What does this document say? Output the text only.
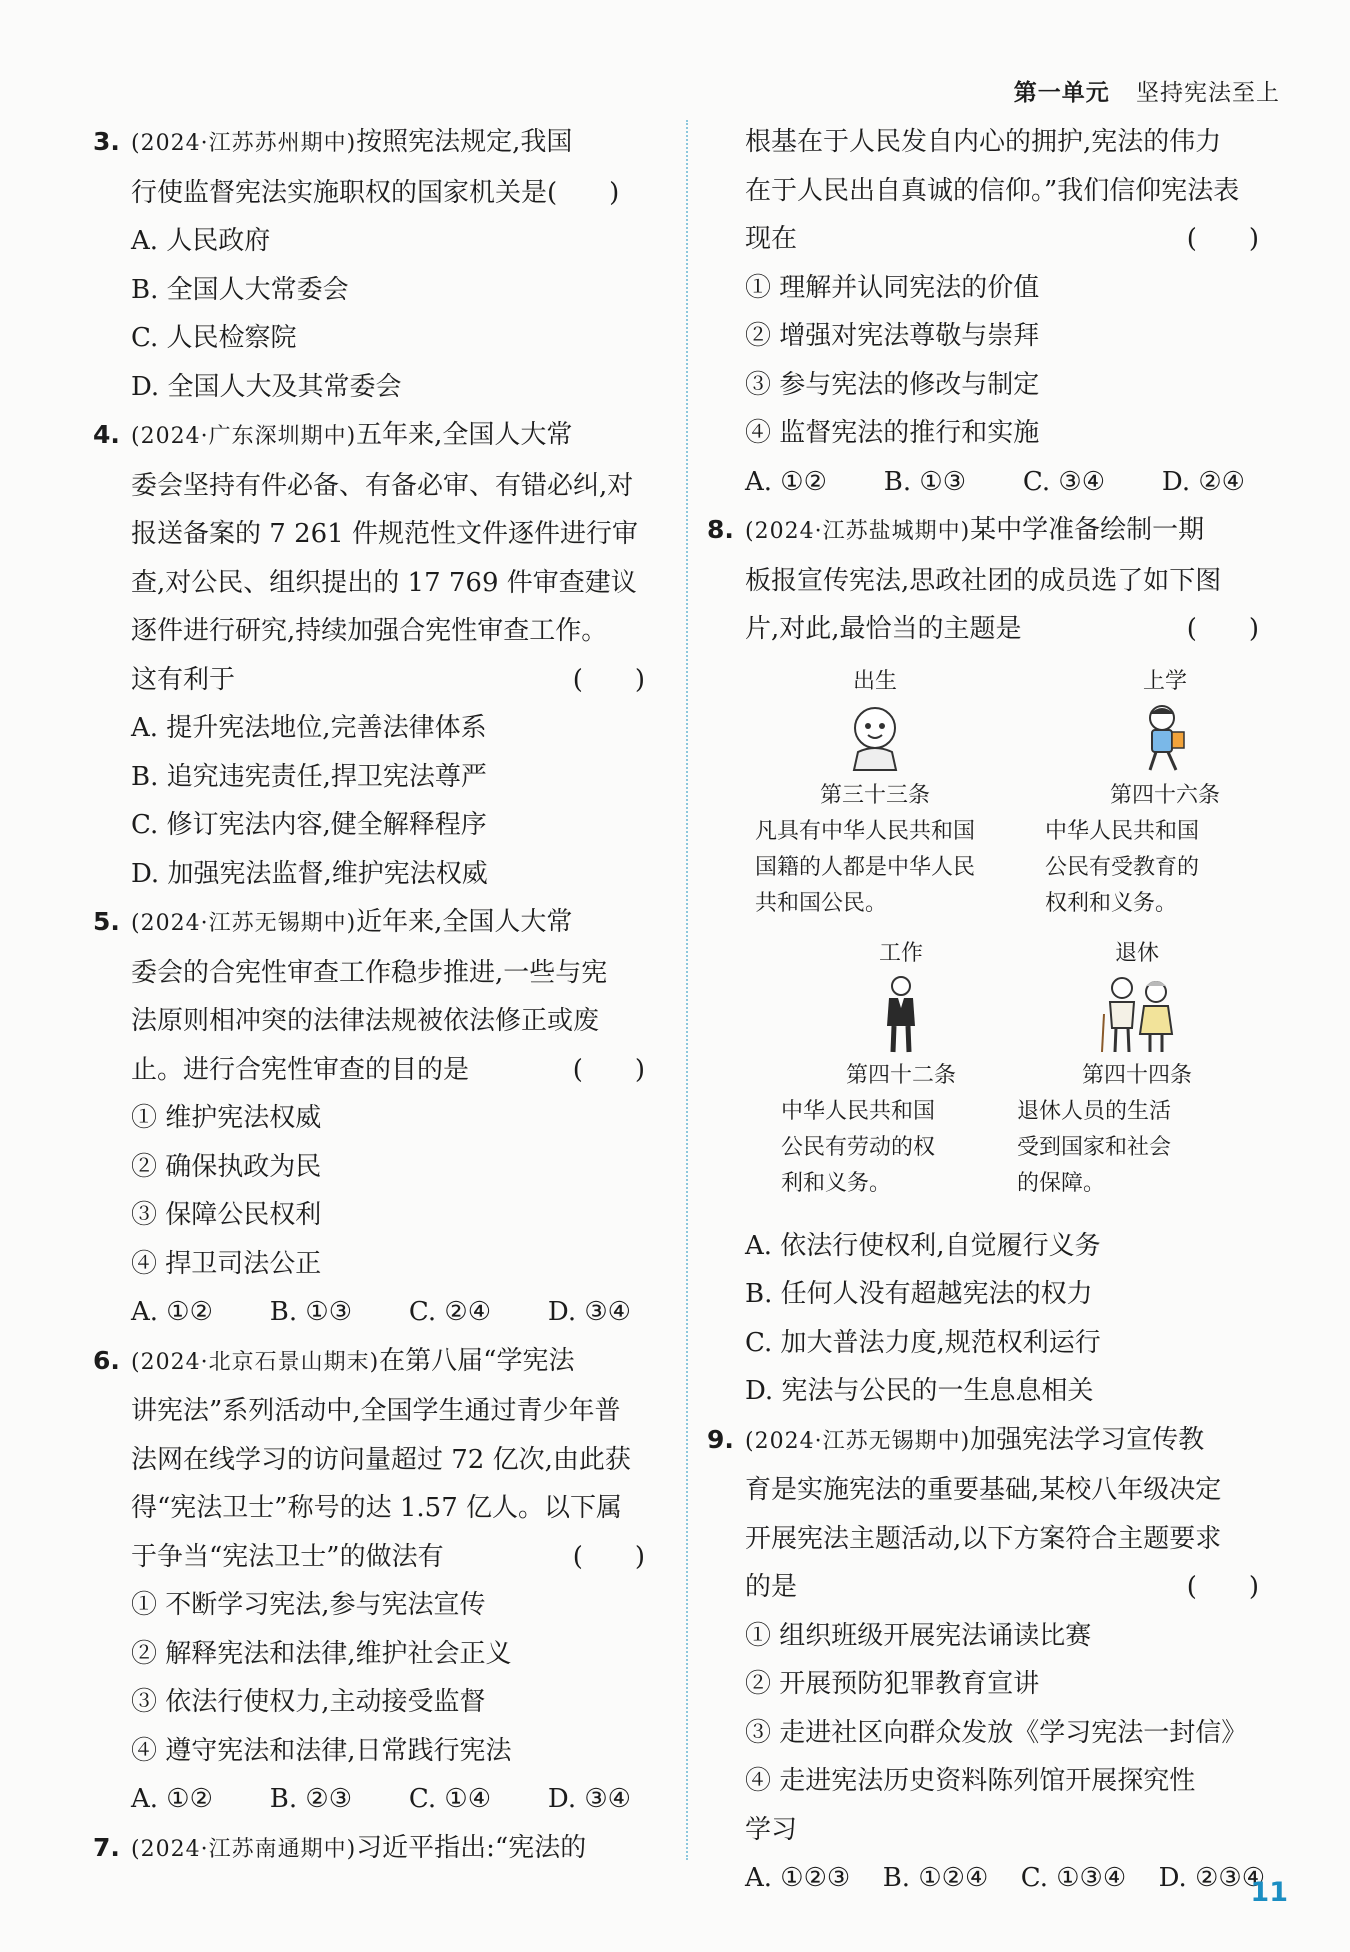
第一单元 坚持宪法至上
3. (2024·江苏苏州期中)按照宪法规定,我国
行使监督宪法实施职权的国家机关是(   )
A. 人民政府
B. 全国人大常委会
C. 人民检察院
D. 全国人大及其常委会
4. (2024·广东深圳期中)五年来,全国人大常
委会坚持有件必备、有备必审、有错必纠,对
报送备案的 7 261 件规范性文件逐件进行审
查,对公民、组织提出的 17 769 件审查建议
逐件进行研究,持续加强合宪性审查工作。
这有利于	(　　)
A. 提升宪法地位,完善法律体系
B. 追究违宪责任,捍卫宪法尊严
C. 修订宪法内容,健全解释程序
D. 加强宪法监督,维护宪法权威
5. (2024·江苏无锡期中)近年来,全国人大常
委会的合宪性审查工作稳步推进,一些与宪
法原则相冲突的法律法规被依法修正或废
止。进行合宪性审查的目的是	(　　)
① 维护宪法权威
② 确保执政为民
③ 保障公民权利
④ 捍卫司法公正
A. ①② B. ①③ C. ②④ D. ③④
6. (2024·北京石景山期末)在第八届“学宪法
讲宪法”系列活动中,全国学生通过青少年普
法网在线学习的访问量超过 72 亿次,由此获
得“宪法卫士”称号的达 1.57 亿人。以下属
于争当“宪法卫士”的做法有	(　　)
① 不断学习宪法,参与宪法宣传
② 解释宪法和法律,维护社会正义
③ 依法行使权力,主动接受监督
④ 遵守宪法和法律,日常践行宪法
A. ①② B. ②③ C. ①④ D. ③④
7. (2024·江苏南通期中)习近平指出:“宪法的
根基在于人民发自内心的拥护,宪法的伟力
在于人民出自真诚的信仰。”我们信仰宪法表
现在	(　　)
① 理解并认同宪法的价值
② 增强对宪法尊敬与崇拜
③ 参与宪法的修改与制定
④ 监督宪法的推行和实施
A. ①② B. ①③ C. ③④ D. ②④
8. (2024·江苏盐城期中)某中学准备绘制一期
板报宣传宪法,思政社团的成员选了如下图
片,对此,最恰当的主题是	(　　)
出生
第三十三条
凡具有中华人民共和国
国籍的人都是中华人民
共和国公民。
上学
第四十六条
中华人民共和国
公民有受教育的
权利和义务。
工作
第四十二条
中华人民共和国
公民有劳动的权
利和义务。
退休
第四十四条
退休人员的生活
受到国家和社会
的保障。
A. 依法行使权利,自觉履行义务
B. 任何人没有超越宪法的权力
C. 加大普法力度,规范权利运行
D. 宪法与公民的一生息息相关
9. (2024·江苏无锡期中)加强宪法学习宣传教
育是实施宪法的重要基础,某校八年级决定
开展宪法主题活动,以下方案符合主题要求
的是	(　　)
① 组织班级开展宪法诵读比赛
② 开展预防犯罪教育宣讲
③ 走进社区向群众发放《学习宪法一封信》
④ 走进宪法历史资料陈列馆开展探究性
学习
A. ①②③ B. ①②④ C. ①③④ D. ②③④
11
